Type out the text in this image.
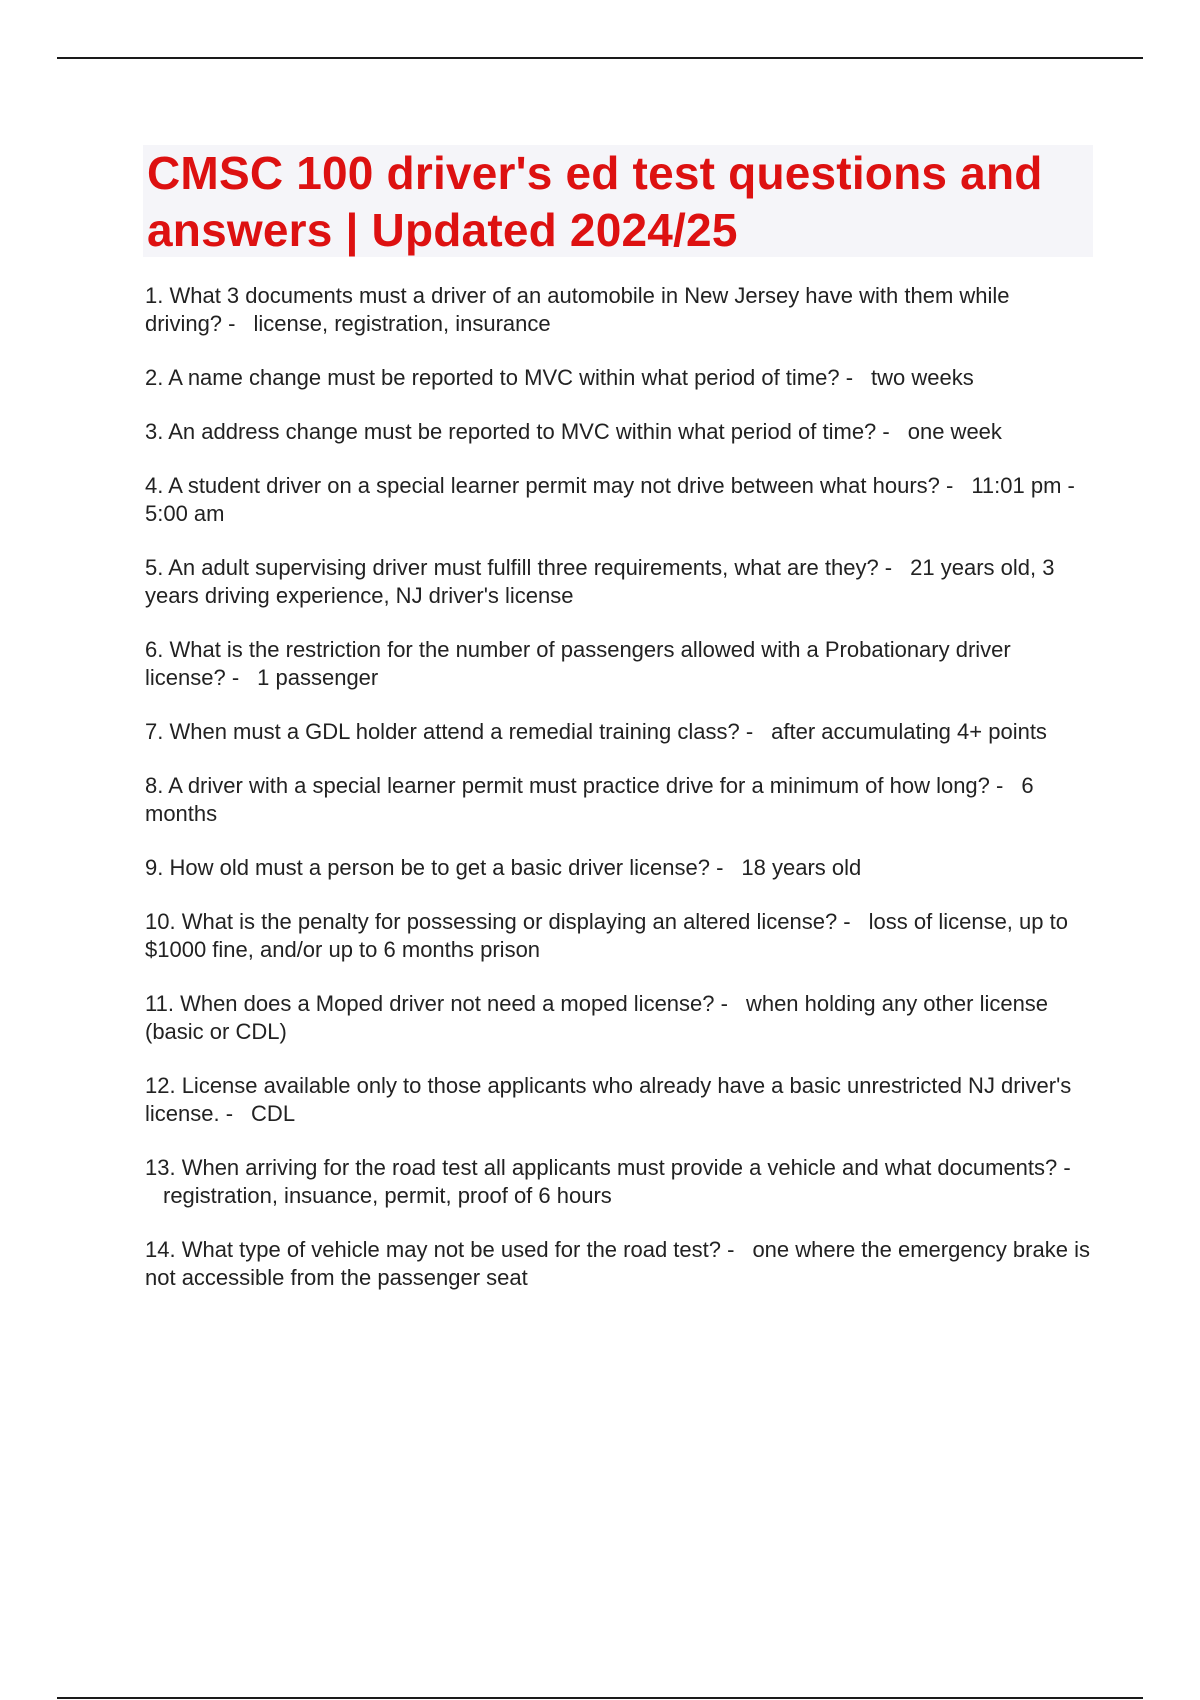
CMSC 100 driver's ed test questions and answers | Updated 2024/25
1. What 3 documents must a driver of an automobile in New Jersey have with them while driving? - license, registration, insurance
2. A name change must be reported to MVC within what period of time? - two weeks
3. An address change must be reported to MVC within what period of time? - one week
4. A student driver on a special learner permit may not drive between what hours? - 11:01 pm - 5:00 am
5. An adult supervising driver must fulfill three requirements, what are they? - 21 years old, 3 years driving experience, NJ driver's license
6. What is the restriction for the number of passengers allowed with a Probationary driver license? - 1 passenger
7. When must a GDL holder attend a remedial training class? - after accumulating 4+ points
8. A driver with a special learner permit must practice drive for a minimum of how long? - 6 months
9. How old must a person be to get a basic driver license? - 18 years old
10. What is the penalty for possessing or displaying an altered license? - loss of license, up to $1000 fine, and/or up to 6 months prison
11. When does a Moped driver not need a moped license? - when holding any other license (basic or CDL)
12. License available only to those applicants who already have a basic unrestricted NJ driver's license. - CDL
13. When arriving for the road test all applicants must provide a vehicle and what documents? -registration, insuance, permit, proof of 6 hours
14. What type of vehicle may not be used for the road test? - one where the emergency brake is not accessible from the passenger seat
